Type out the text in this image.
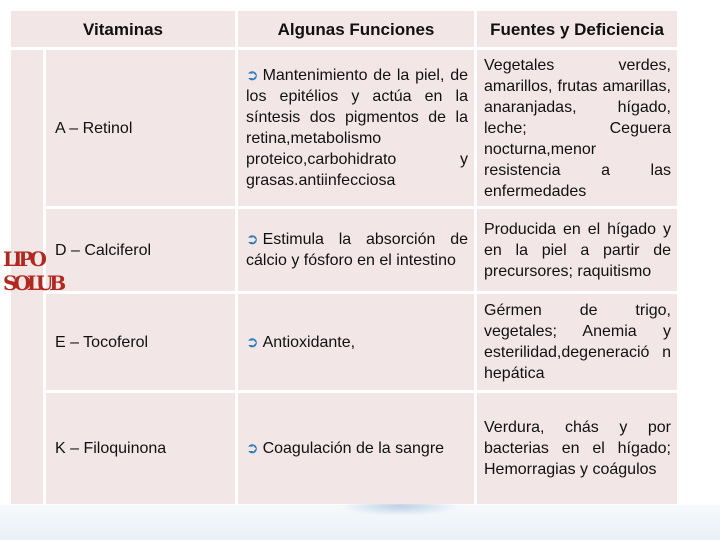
LIPO
SOLUB
Vitaminas		Algunas Funciones	Fuentes y Deficiencia
	A – Retinol	➲ Mantenimiento de la piel, de los epitélios y actúa en la síntesis dos pigmentos de la retina,metabolismo proteico,carbohidrato y grasas.antiinfecciosa	Vegetales verdes, amarillos, frutas amarillas, anaranjadas, hígado, leche; Ceguera nocturna,menor resistencia a las enfermedades
	D – Calciferol	➲ Estimula la absorción de cálcio y fósforo en el intestino	Producida en el hígado y en la piel a partir de precursores; raquitismo
	E – Tocoferol	➲ Antioxidante,	Gérmen de trigo, vegetales; Anemia y esterilidad,degeneració n hepática
	K – Filoquinona	➲ Coagulación de la sangre	Verdura, chás y por bacterias en el hígado; Hemorragias y coágulos
